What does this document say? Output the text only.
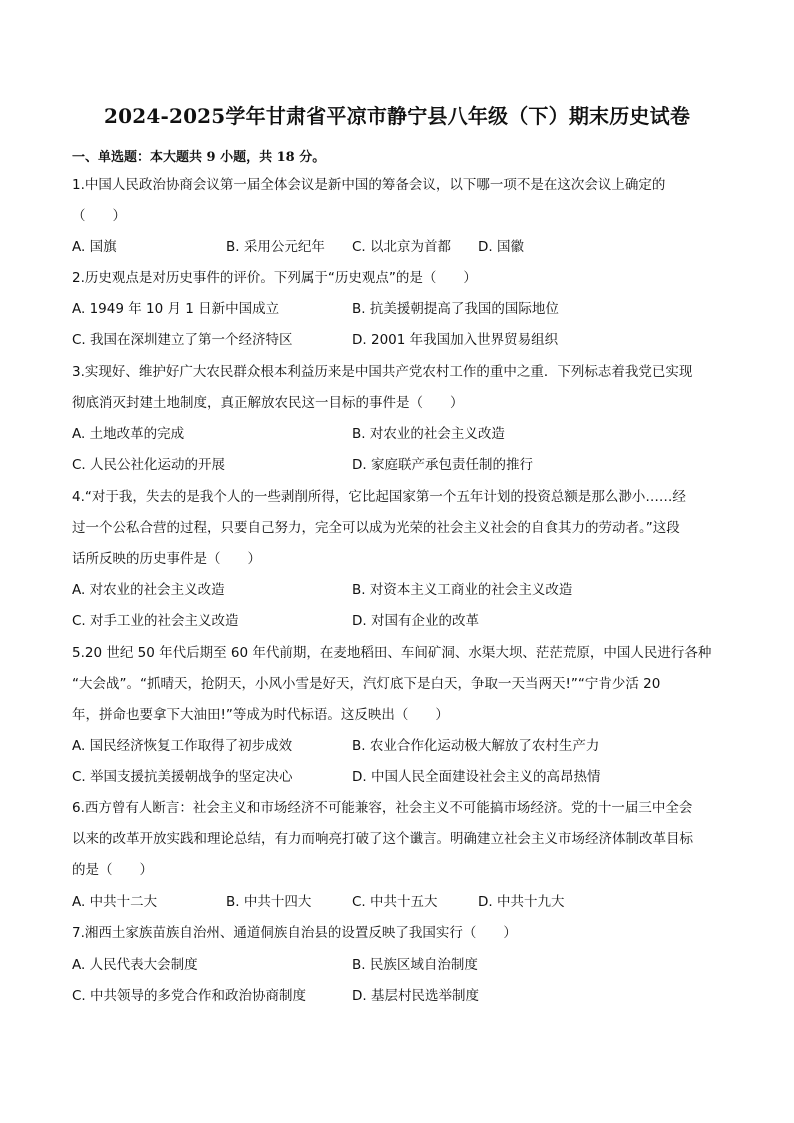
2024-2025学年甘肃省平凉市静宁县八年级（下）期末历史试卷
一、单选题：本大题共 9 小题，共 18 分。
1.中国人民政治协商会议第一届全体会议是新中国的筹备会议，以下哪一项不是在这次会议上确定的
（　　）
A. 国旗	B. 采用公元纪年 C. 以北京为首都 D. 国徽
2.历史观点是对历史事件的评价。下列属于“历史观点”的是（　　）
A. 1949 年 10 月 1 日新中国成立	B. 抗美援朝提高了我国的国际地位
C. 我国在深圳建立了第一个经济特区	D. 2001 年我国加入世界贸易组织
3.实现好、维护好广大农民群众根本利益历来是中国共产党农村工作的重中之重．下列标志着我党已实现
彻底消灭封建土地制度，真正解放农民这一目标的事件是（　　）
A. 土地改革的完成	B. 对农业的社会主义改造
C. 人民公社化运动的开展	D. 家庭联产承包责任制的推行
4.“对于我，失去的是我个人的一些剥削所得，它比起国家第一个五年计划的投资总额是那么渺小……经
过一个公私合营的过程，只要自己努力，完全可以成为光荣的社会主义社会的自食其力的劳动者。”这段
话所反映的历史事件是（　　）
A. 对农业的社会主义改造	B. 对资本主义工商业的社会主义改造
C. 对手工业的社会主义改造	D. 对国有企业的改革
5.20 世纪 50 年代后期至 60 年代前期，在麦地稻田、车间矿洞、水渠大坝、茫茫荒原，中国人民进行各种
“大会战”。“抓晴天，抢阴天，小风小雪是好天，汽灯底下是白天，争取一天当两天!”“宁肯少活 20
年，拼命也要拿下大油田!”等成为时代标语。这反映出（　　）
A. 国民经济恢复工作取得了初步成效	B. 农业合作化运动极大解放了农村生产力
C. 举国支援抗美援朝战争的坚定决心	D. 中国人民全面建设社会主义的高昂热情
6.西方曾有人断言：社会主义和市场经济不可能兼容，社会主义不可能搞市场经济。党的十一届三中全会
以来的改革开放实践和理论总结，有力而响亮打破了这个谶言。明确建立社会主义市场经济体制改革目标
的是（　　）
A. 中共十二大	B. 中共十四大	C. 中共十五大	D. 中共十九大
7.湘西土家族苗族自治州、通道侗族自治县的设置反映了我国实行（　　）
A. 人民代表大会制度	B. 民族区域自治制度
C. 中共领导的多党合作和政治协商制度	D. 基层村民选举制度
